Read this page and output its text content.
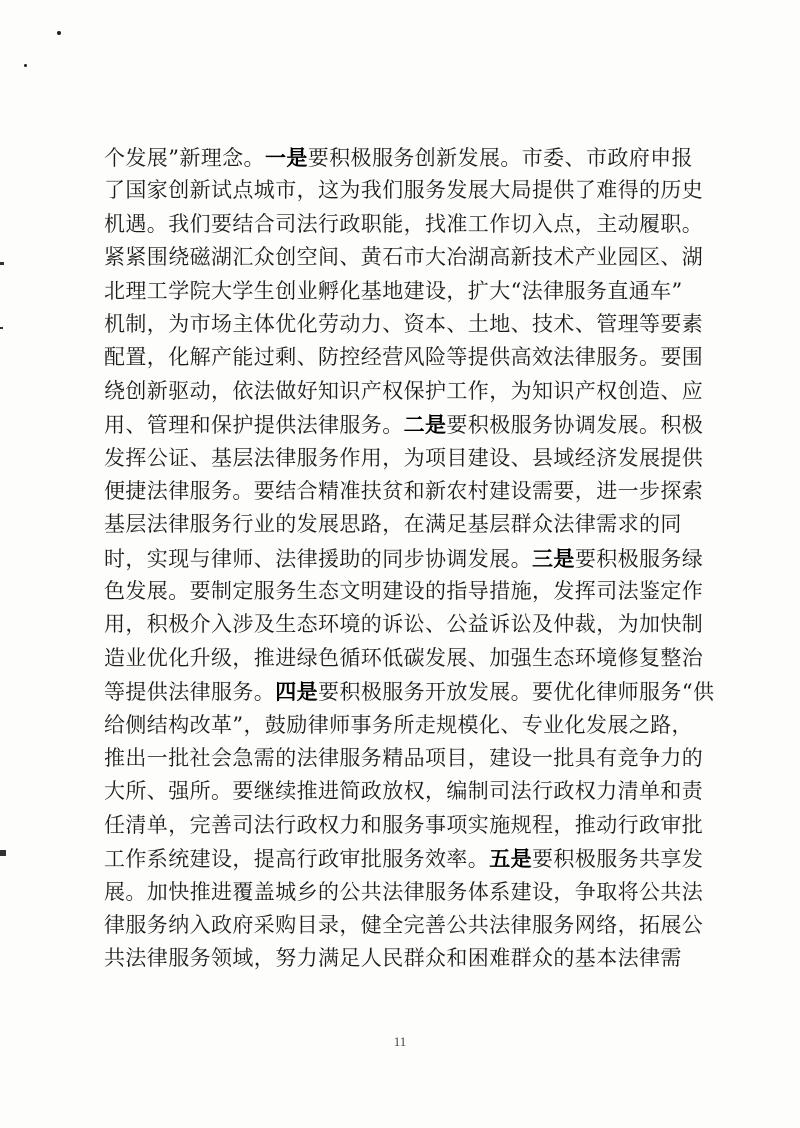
个发展”新理念。一是要积极服务创新发展。市委、市政府申报
了国家创新试点城市，这为我们服务发展大局提供了难得的历史
机遇。我们要结合司法行政职能，找准工作切入点，主动履职。
紧紧围绕磁湖汇众创空间、黄石市大冶湖高新技术产业园区、湖
北理工学院大学生创业孵化基地建设，扩大“法律服务直通车”
机制，为市场主体优化劳动力、资本、土地、技术、管理等要素
配置，化解产能过剩、防控经营风险等提供高效法律服务。要围
绕创新驱动，依法做好知识产权保护工作，为知识产权创造、应
用、管理和保护提供法律服务。二是要积极服务协调发展。积极
发挥公证、基层法律服务作用，为项目建设、县域经济发展提供
便捷法律服务。要结合精准扶贫和新农村建设需要，进一步探索
基层法律服务行业的发展思路，在满足基层群众法律需求的同
时，实现与律师、法律援助的同步协调发展。三是要积极服务绿
色发展。要制定服务生态文明建设的指导措施，发挥司法鉴定作
用，积极介入涉及生态环境的诉讼、公益诉讼及仲裁，为加快制
造业优化升级，推进绿色循环低碳发展、加强生态环境修复整治
等提供法律服务。四是要积极服务开放发展。要优化律师服务“供
给侧结构改革”，鼓励律师事务所走规模化、专业化发展之路，
推出一批社会急需的法律服务精品项目，建设一批具有竞争力的
大所、强所。要继续推进简政放权，编制司法行政权力清单和责
任清单，完善司法行政权力和服务事项实施规程，推动行政审批
工作系统建设，提高行政审批服务效率。五是要积极服务共享发
展。加快推进覆盖城乡的公共法律服务体系建设，争取将公共法
律服务纳入政府采购目录，健全完善公共法律服务网络，拓展公
共法律服务领域，努力满足人民群众和困难群众的基本法律需
11
